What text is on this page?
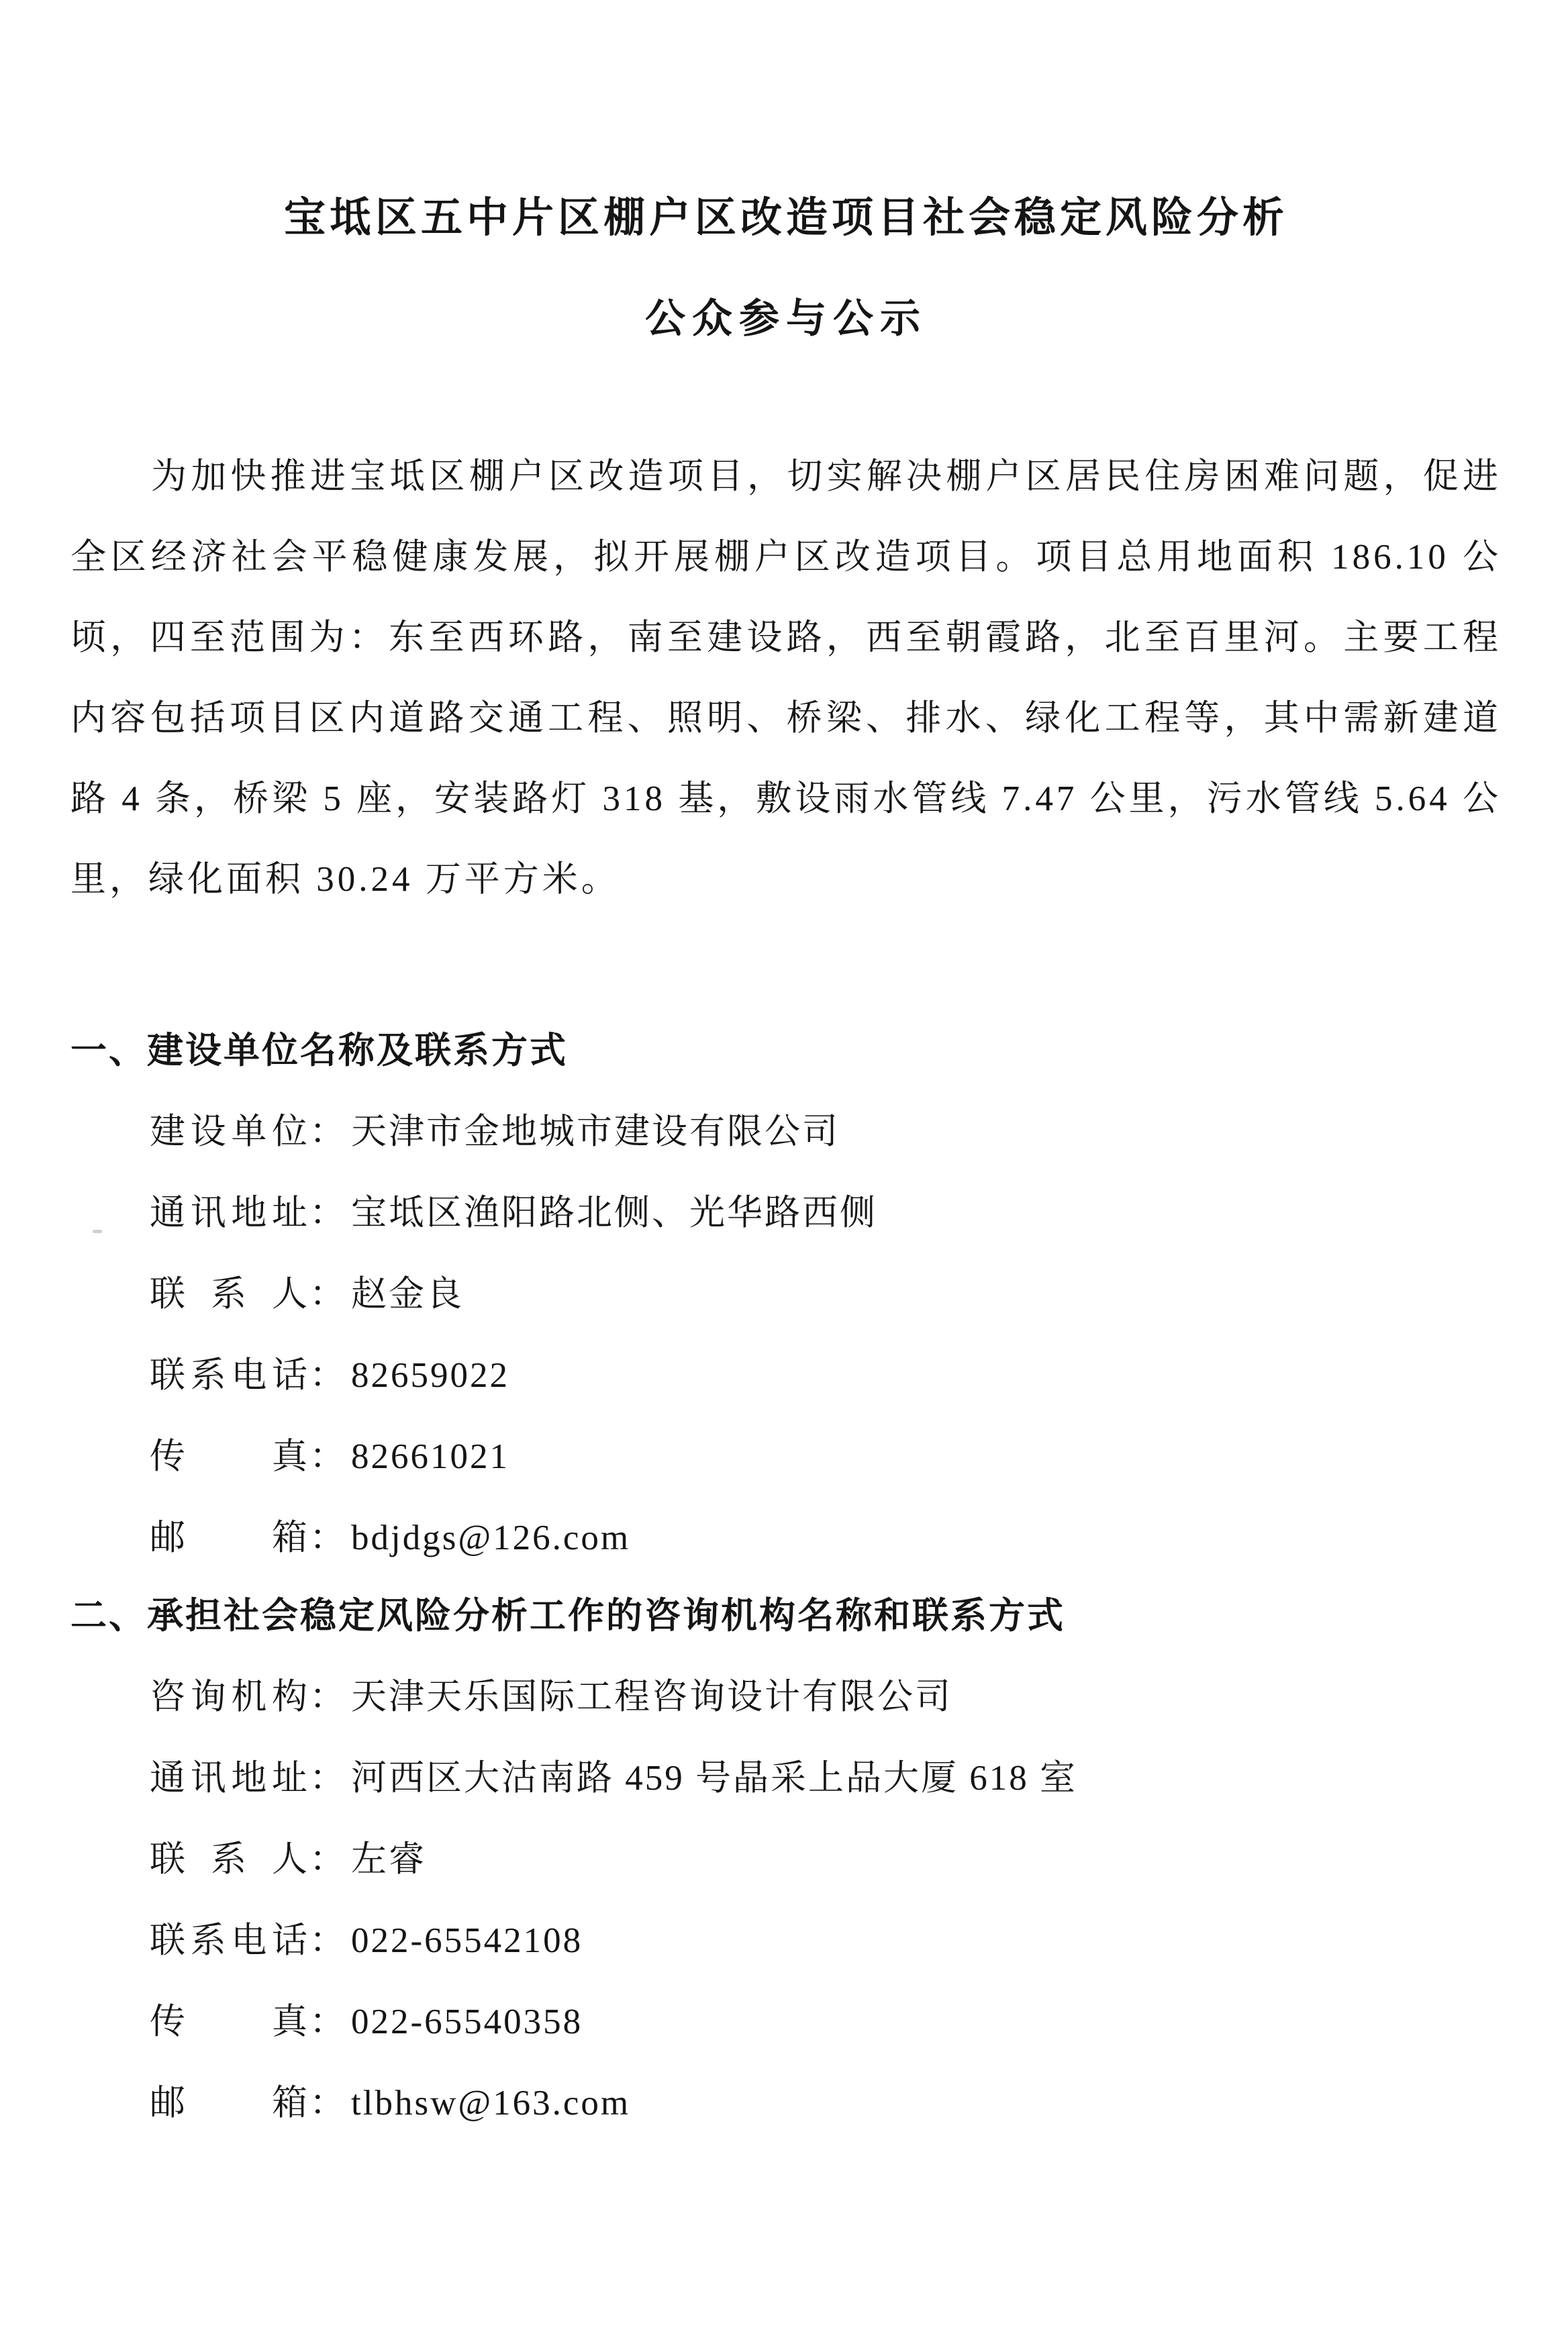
宝坻区五中片区棚户区改造项目社会稳定风险分析
公众参与公示

为加快推进宝坻区棚户区改造项目，切实解决棚户区居民住房困难问题，促进全区经济社会平稳健康发展，拟开展棚户区改造项目。项目总用地面积 186.10 公顷，四至范围为：东至西环路，南至建设路，西至朝霞路，北至百里河。主要工程内容包括项目区内道路交通工程、照明、桥梁、排水、绿化工程等，其中需新建道路 4 条，桥梁 5 座，安装路灯 318 基，敷设雨水管线 7.47 公里，污水管线 5.64 公里，绿化面积 30.24 万平方米。

一、建设单位名称及联系方式
建设单位： 天津市金地城市建设有限公司
通讯地址： 宝坻区渔阳路北侧、光华路西侧
联系人： 赵金良
联系电话： 82659022
传真： 82661021
邮箱： bdjdgs@126.com
二、承担社会稳定风险分析工作的咨询机构名称和联系方式
咨询机构： 天津天乐国际工程咨询设计有限公司
通讯地址： 河西区大沽南路 459 号晶采上品大厦 618 室
联系人： 左睿
联系电话： 022-65542108
传真： 022-65540358
邮箱： tlbhsw@163.com
